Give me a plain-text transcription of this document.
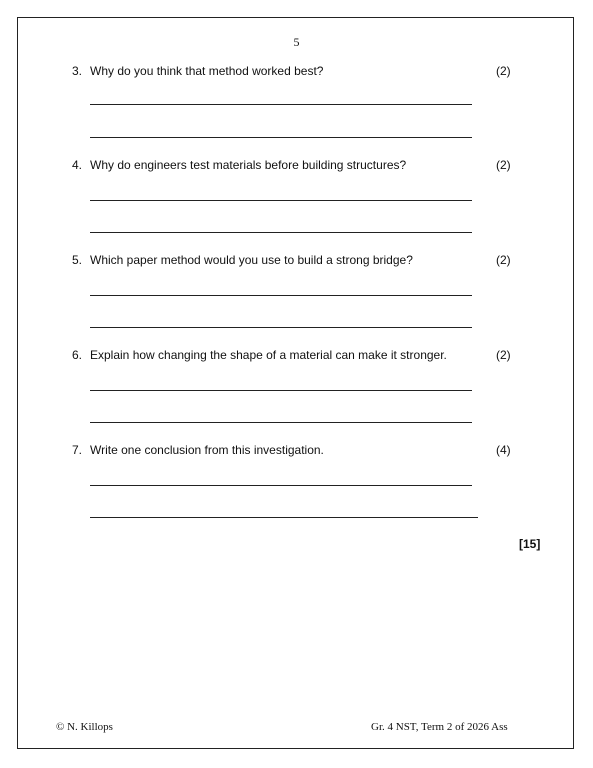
5
3. Why do you think that method worked best?	(2)
4. Why do engineers test materials before building structures?	(2)
5. Which paper method would you use to build a strong bridge?	(2)
6. Explain how changing the shape of a material can make it stronger.	(2)
7. Write one conclusion from this investigation.	(4)
[15]
© N. Killops	Gr. 4 NST, Term 2 of 2026 Ass
